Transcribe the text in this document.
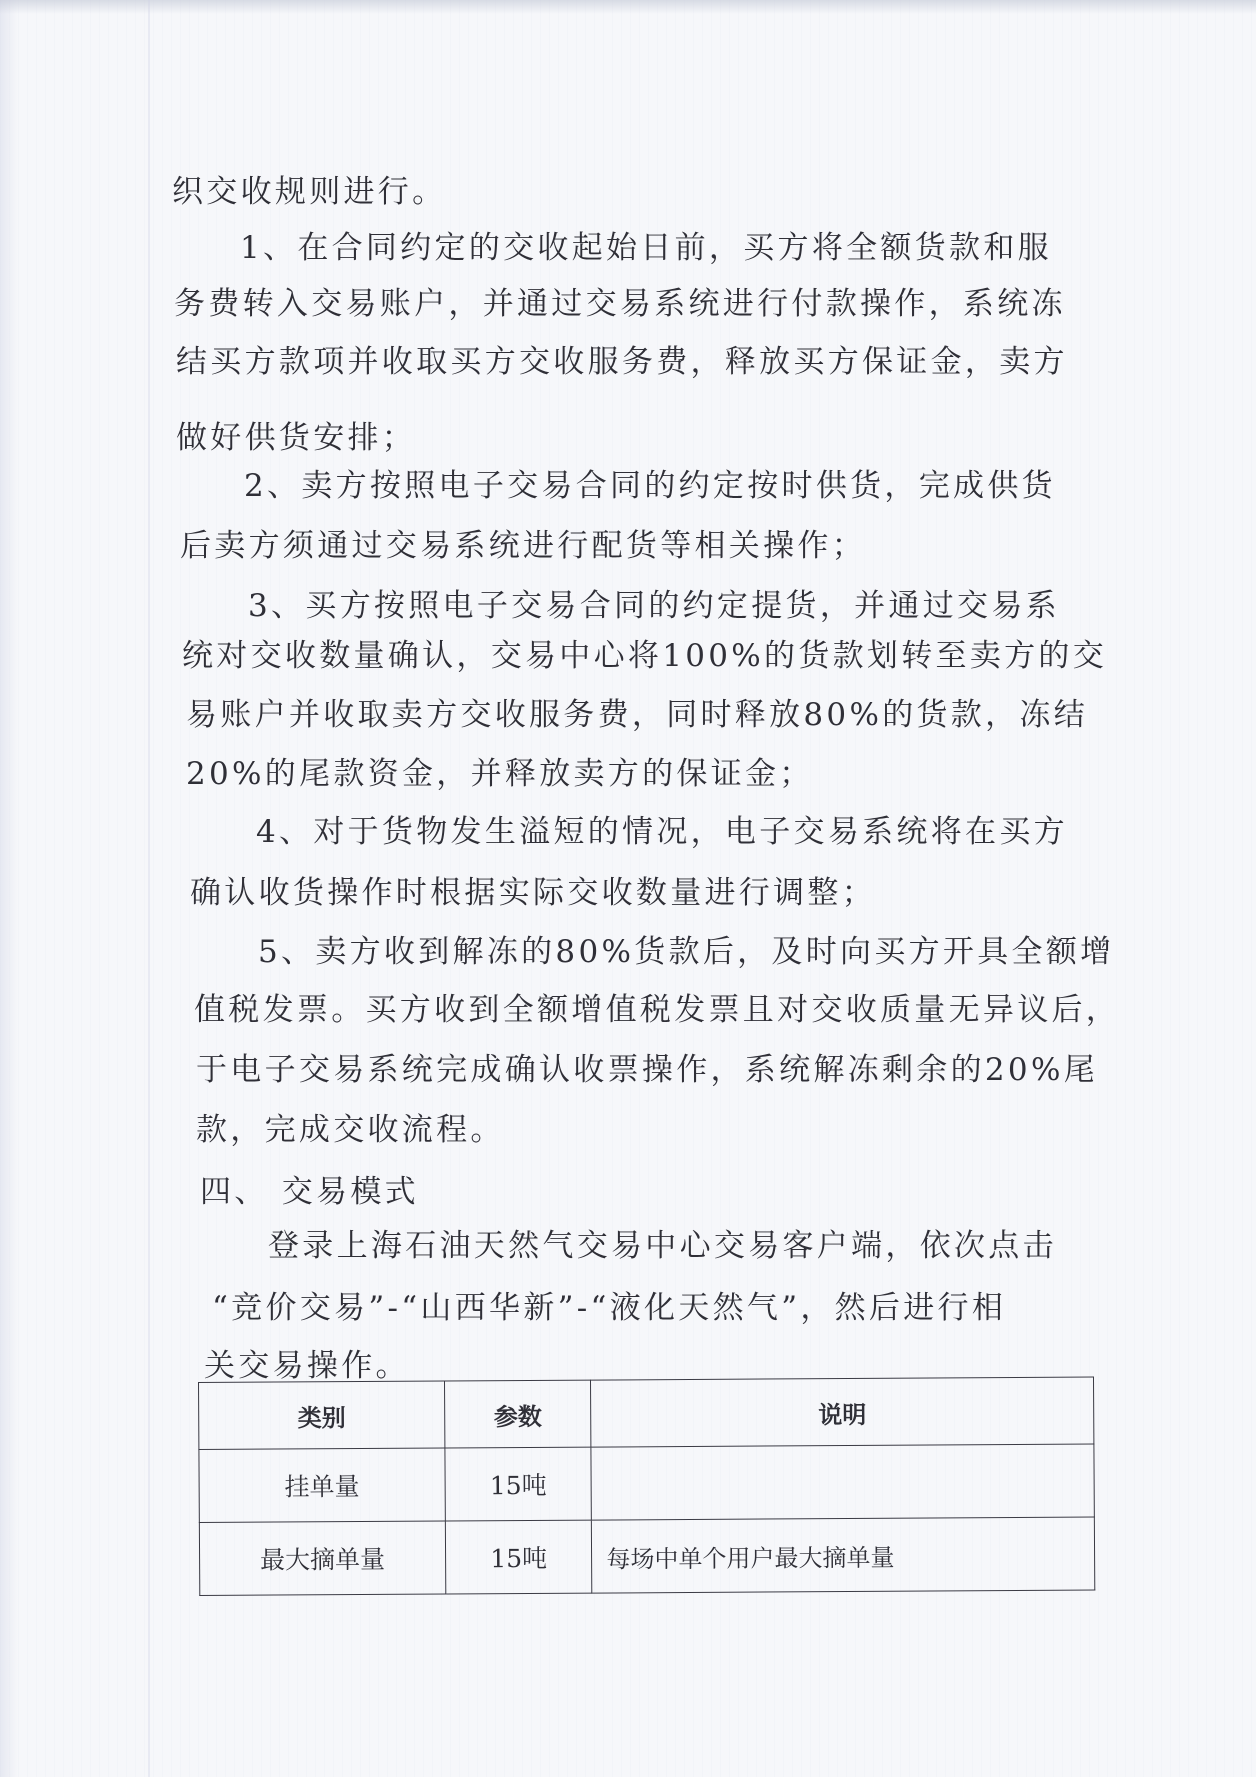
织交收规则进行。
1、在合同约定的交收起始日前，买方将全额货款和服
务费转入交易账户，并通过交易系统进行付款操作，系统冻
结买方款项并收取买方交收服务费，释放买方保证金，卖方
做好供货安排；
2、卖方按照电子交易合同的约定按时供货，完成供货
后卖方须通过交易系统进行配货等相关操作；
3、买方按照电子交易合同的约定提货，并通过交易系
统对交收数量确认，交易中心将100%的货款划转至卖方的交
易账户并收取卖方交收服务费，同时释放80%的货款，冻结
20%的尾款资金，并释放卖方的保证金；
4、对于货物发生溢短的情况，电子交易系统将在买方
确认收货操作时根据实际交收数量进行调整；
5、卖方收到解冻的80%货款后，及时向买方开具全额增
值税发票。买方收到全额增值税发票且对交收质量无异议后，
于电子交易系统完成确认收票操作，系统解冻剩余的20%尾
款，完成交收流程。
四、 交易模式
登录上海石油天然气交易中心交易客户端，依次点击
“竞价交易”-“山西华新”-“液化天然气”，然后进行相
关交易操作。
类别	参数	说明
挂单量	15吨	
最大摘单量	15吨	每场中单个用户最大摘单量
